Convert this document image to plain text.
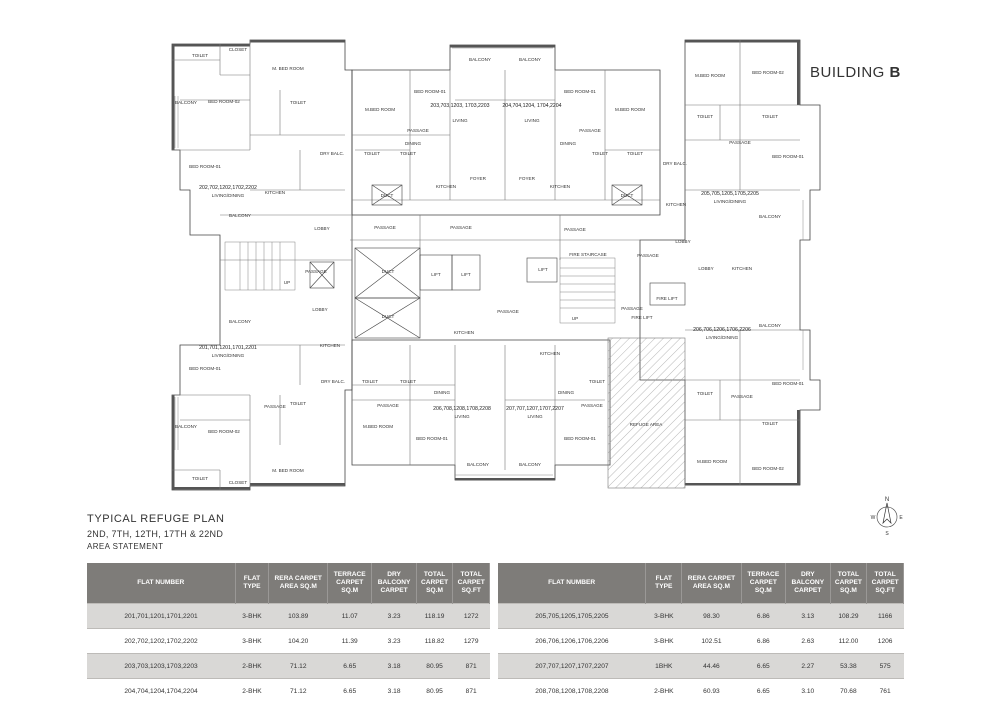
202,702,1202,1702,2202
201,701,1201,1701,2201
203,703,1203, 1703,2203 204,704,1204, 1704,2204
205,705,1205,1705,2205
206,706,1206,1706,2206
207,707,1207,1707,2207
206,708,1208,1708,2208
LIVING/DINING
LIVING/DINING
LIVING	LIVING
LIVING/DINING
LIVING/DINING
LIVING
LIVING
M. BED ROOM
M. BED ROOM
M.BED ROOM	M.BED ROOM
M.BED ROOM
M.BED ROOM
M.BED ROOM
BED ROOM-02
BED ROOM-02
BED ROOM-02
BED ROOM-02
BED ROOM-01
BED ROOM-01
BED ROOM-01	BED ROOM-01
BED ROOM-01	BED ROOM-01
BED ROOM-01
BED ROOM-01
TOILET
TOILET
TOILET
TOILET
TOILET	TOILET	TOILET	TOILET
TOILET	TOILET	TOILET
TOILET	TOILET
TOILET
TOILET
CLOSET
CLOSET
BALCONY
BALCONY
BALCONY
BALCONY
BALCONY	BALCONY
BALCONY	BALCONY
BALCONY
BALCONY
KITCHEN
KITCHEN
KITCHEN	KITCHEN
KITCHEN
KITCHEN
KITCHEN
KITCHEN
PASSAGE
PASSAGE
PASSAGE	PASSAGE
PASSAGE	PASSAGE
PASSAGE
PASSAGE
PASSAGE
PASSAGE	PASSAGE
PASSAGE
PASSAGE
PASSAGE
DINING	DINING
DINING	DINING
DRY BALC.
DRY BALC.
DRY BALC.
FOYER	FOYER
LOBBY
LOBBY
LOBBY
LOBBY
LIFT	LIFT
LIFT
FIRE STAIRCASE
FIRE LIFT
FIRE LIFT
REFUGE AREA
DUCT	DUCT
DUCT
DUCT
UP
UP
BUILDING B
N
S
W	E
TYPICAL REFUGE PLAN
2ND, 7TH, 12TH, 17TH & 22ND
AREA STATEMENT
FLAT NUMBER	FLAT TYPE	RERA CARPET AREA SQ.M	TERRACE CARPET SQ.M	DRY BALCONY CARPET	TOTAL CARPET SQ.M	TOTAL CARPET SQ.FT
201,701,1201,1701,2201	3-BHK	103.89	11.07	3.23	118.19	1272
202,702,1202,1702,2202	3-BHK	104.20	11.39	3.23	118.82	1279
203,703,1203,1703,2203	2-BHK	71.12	6.65	3.18	80.95	871
204,704,1204,1704,2204	2-BHK	71.12	6.65	3.18	80.95	871
FLAT NUMBER	FLAT TYPE	RERA CARPET AREA SQ.M	TERRACE CARPET SQ.M	DRY BALCONY CARPET	TOTAL CARPET SQ.M	TOTAL CARPET SQ.FT
205,705,1205,1705,2205	3-BHK	98.30	6.86	3.13	108.29	1166
206,706,1206,1706,2206	3-BHK	102.51	6.86	2.63	112.00	1206
207,707,1207,1707,2207	1BHK	44.46	6.65	2.27	53.38	575
208,708,1208,1708,2208	2-BHK	60.93	6.65	3.10	70.68	761
